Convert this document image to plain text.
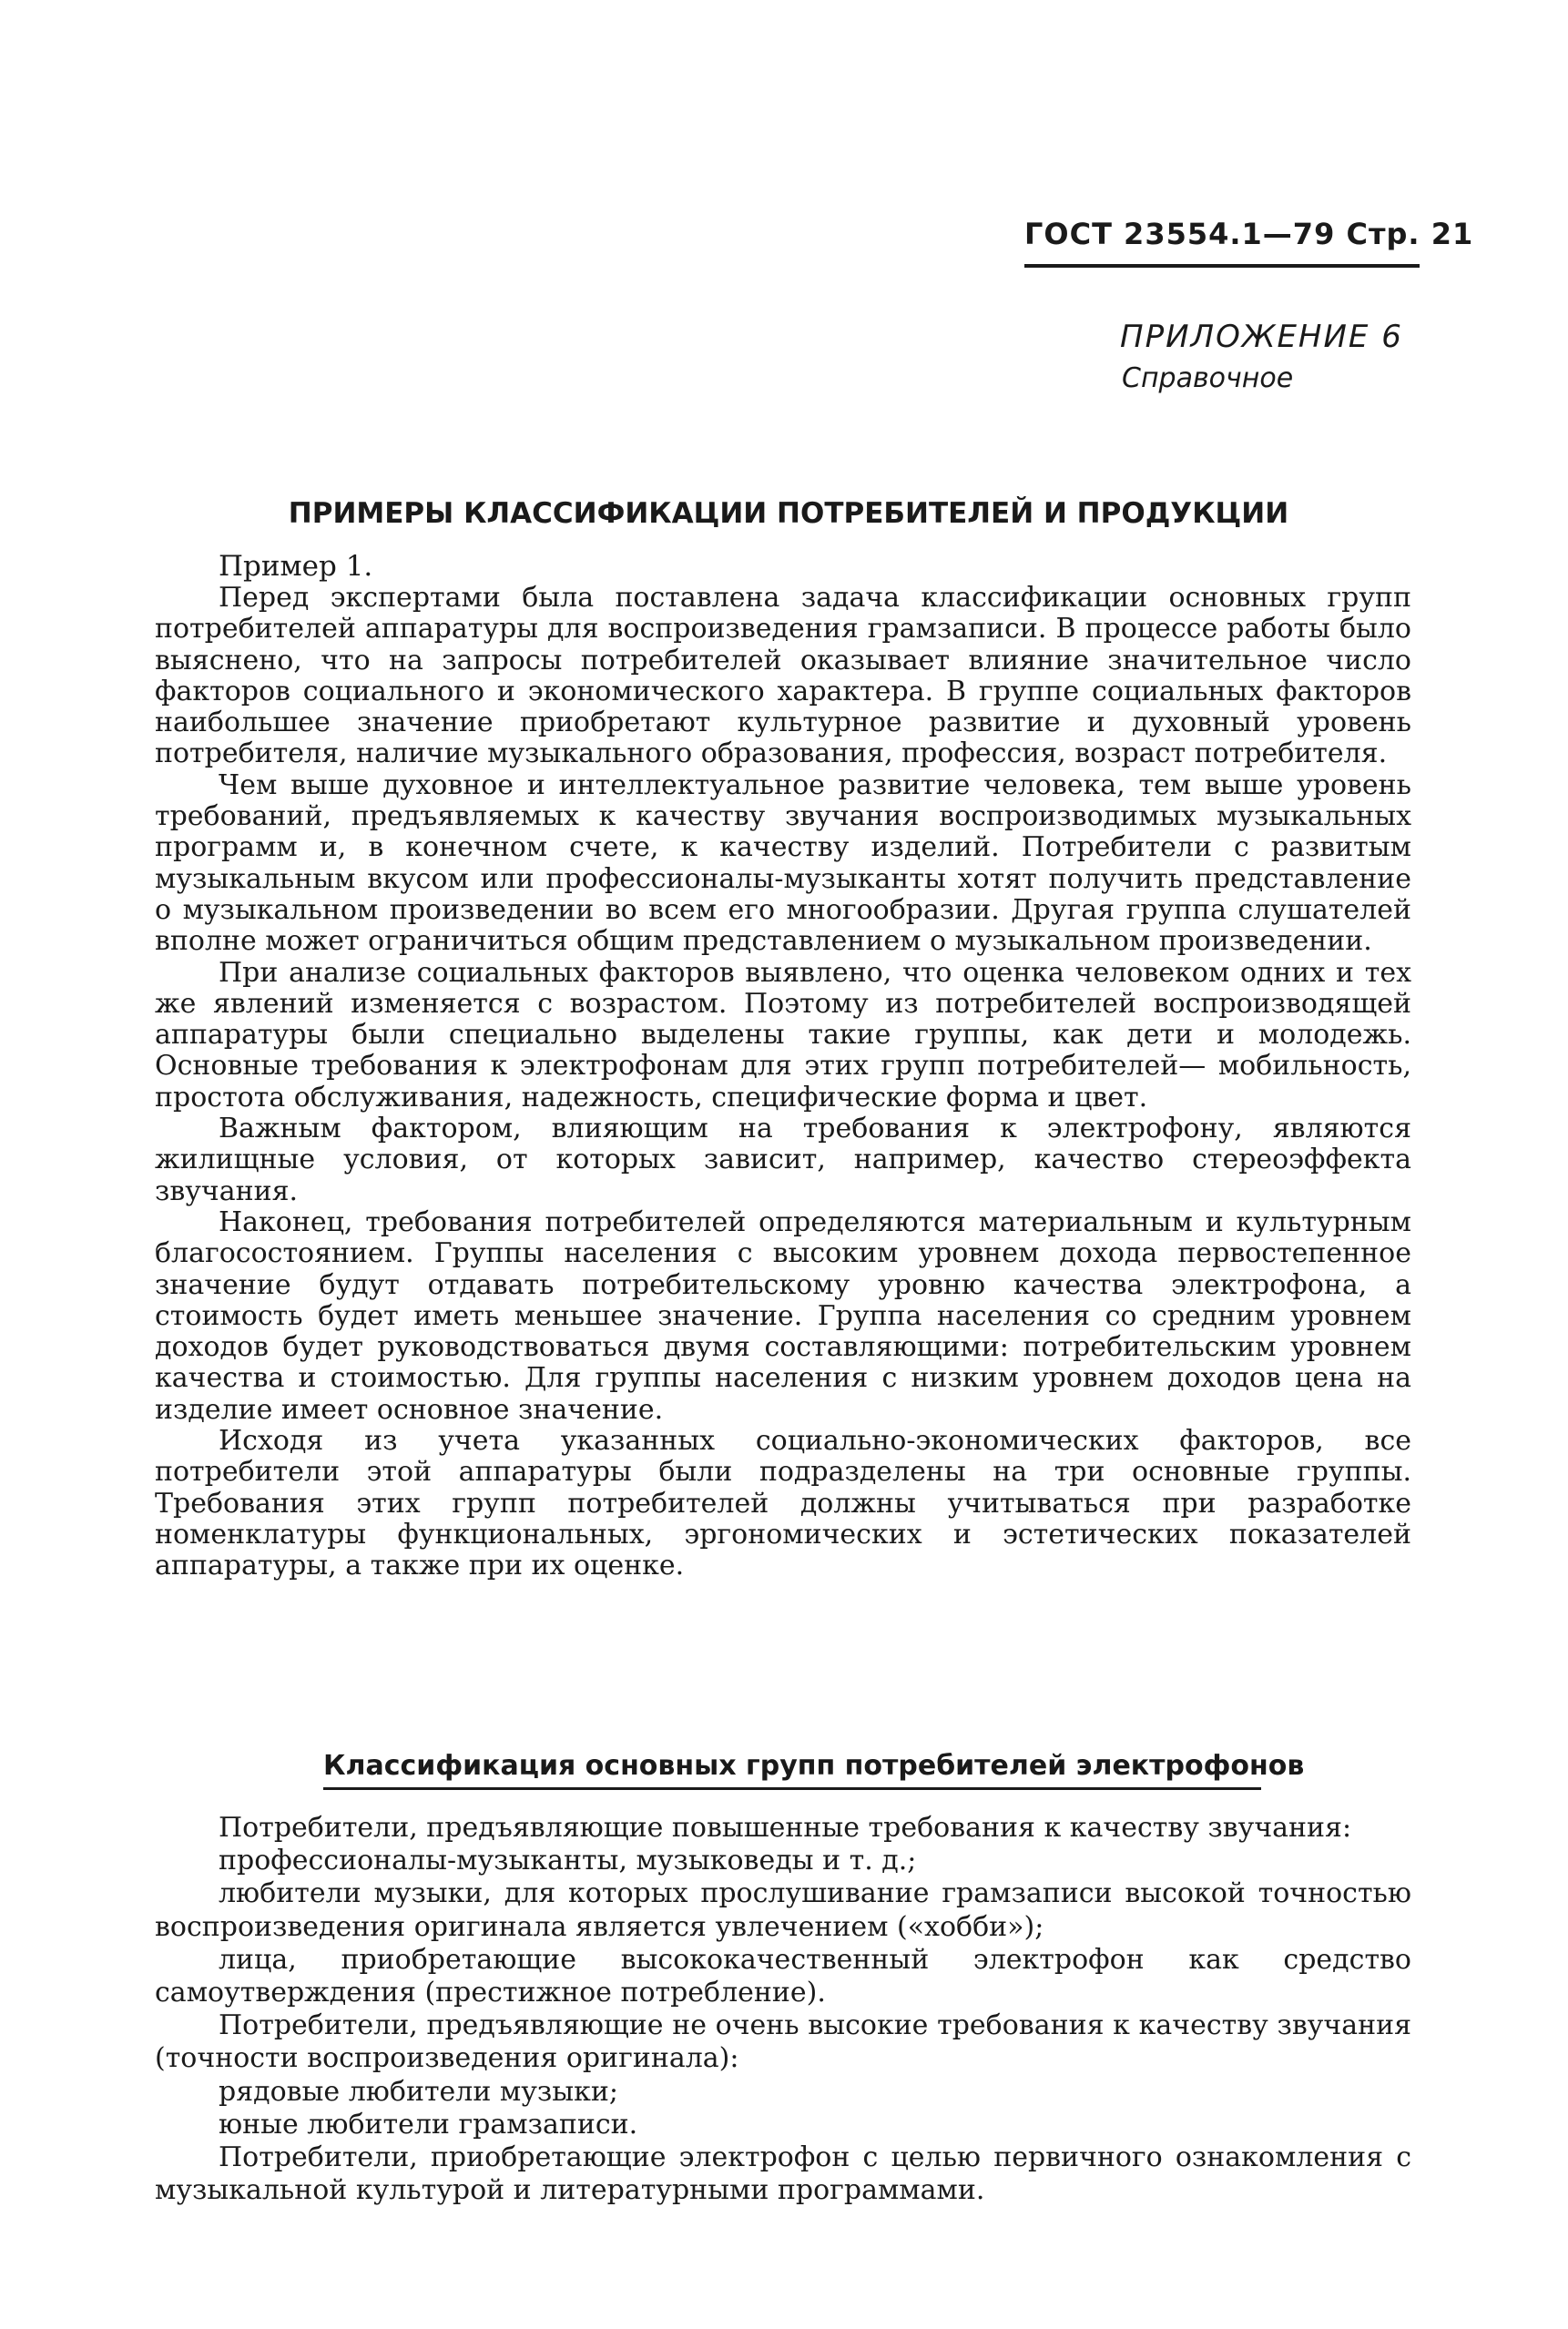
ГОСТ 23554.1—79 Стр. 21
ПРИЛОЖЕНИЕ 6
Справочное
ПРИМЕРЫ КЛАССИФИКАЦИИ ПОТРЕБИТЕЛЕЙ И ПРОДУКЦИИ
Пример 1.

Перед экспертами была поставлена задача классификации основных групп потребителей аппаратуры для воспроизведения грамзаписи. В процессе работы было выяснено, что на запросы потребителей оказывает влияние значительное число факторов социального и экономического характера. В группе социальных факторов наибольшее значение приобретают культурное развитие и духовный уровень потребителя, наличие музыкального образования, профессия, возраст потребителя.

Чем выше духовное и интеллектуальное развитие человека, тем выше уровень требований, предъявляемых к качеству звучания воспроизводимых музыкальных программ и, в конечном счете, к качеству изделий. Потребители с развитым музыкальным вкусом или профессионалы-музыканты хотят получить представление о музыкальном произведении во всем его многообразии. Другая группа слушателей вполне может ограничиться общим представлением о музыкальном произведении.

При анализе социальных факторов выявлено, что оценка человеком одних и тех же явлений изменяется с возрастом. Поэтому из потребителей воспроизводящей аппаратуры были специально выделены такие группы, как дети и молодежь. Основные требования к электрофонам для этих групп потребителей— мобильность, простота обслуживания, надежность, специфические форма и цвет.

Важным фактором, влияющим на требования к электрофону, являются жилищные условия, от которых зависит, например, качество стереоэффекта звучания.

Наконец, требования потребителей определяются материальным и культурным благосостоянием. Группы населения с высоким уровнем дохода первостепенное значение будут отдавать потребительскому уровню качества электрофона, а стоимость будет иметь меньшее значение. Группа населения со средним уровнем доходов будет руководствоваться двумя составляющими: потребительским уровнем качества и стоимостью. Для группы населения с низким уровнем доходов цена на изделие имеет основное значение.

Исходя из учета указанных социально-экономических факторов, все потребители этой аппаратуры были подразделены на три основные группы. Требования этих групп потребителей должны учитываться при разработке номенклатуры функциональных, эргономических и эстетических показателей аппаратуры, а также при их оценке.

Классификация основных групп потребителей электрофонов

Потребители, предъявляющие повышенные требования к качеству звучания:

профессионалы-музыканты, музыковеды и т. д.;

любители музыки, для которых прослушивание грамзаписи высокой точностью воспроизведения оригинала является увлечением («хобби»);

лица, приобретающие высококачественный электрофон как средство самоутверждения (престижное потребление).

Потребители, предъявляющие не очень высокие требования к качеству звучания (точности воспроизведения оригинала):

рядовые любители музыки;

юные любители грамзаписи.

Потребители, приобретающие электрофон с целью первичного ознакомления с музыкальной культурой и литературными программами.
